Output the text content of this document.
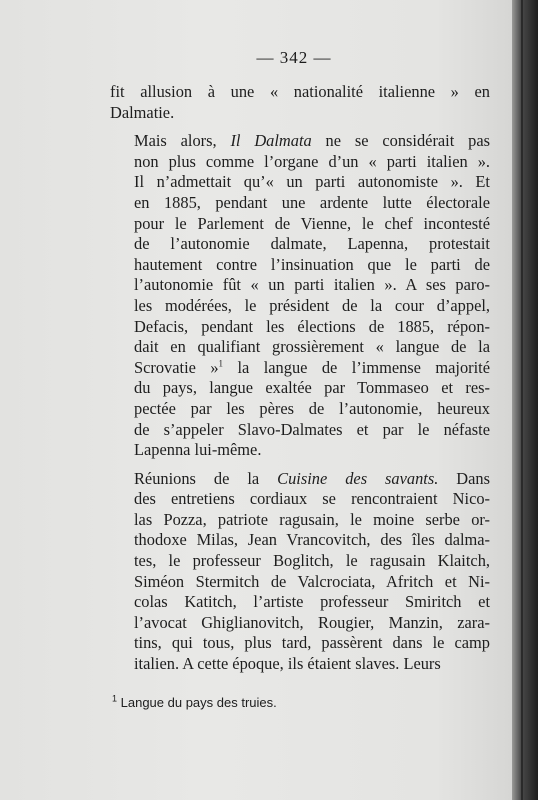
— 342 —

fit allusion à une « nationalité italienne » en
Dalmatie.

Mais alors, Il Dalmata ne se considérait pas
non plus comme l’organe d’un « parti italien ».
Il n’admettait qu’« un parti autonomiste ». Et
en 1885, pendant une ardente lutte électorale
pour le Parlement de Vienne, le chef incontesté
de l’autonomie dalmate, Lapenna, protestait
hautement contre l’insinuation que le parti de
l’autonomie fût « un parti italien ». A ses paro-
les modérées, le président de la cour d’appel,
Defacis, pendant les élections de 1885, répon-
dait en qualifiant grossièrement « langue de la
Scrovatie »$^1$ la langue de l’immense majorité
du pays, langue exaltée par Tommaseo et res-
pectée par les pères de l’autonomie, heureux
de s’appeler Slavo-Dalmates et par le néfaste
Lapenna lui-même.

Réunions de la Cuisine des savants. Dans
des entretiens cordiaux se rencontraient Nico-
las Pozza, patriote ragusain, le moine serbe or-
thodoxe Milas, Jean Vrancovitch, des îles dalma-
tes, le professeur Boglitch, le ragusain Klaitch,
Siméon Stermitch de Valcrociata, Afritch et Ni-
colas Katitch, l’artiste professeur Smiritch et
l’avocat Ghiglianovitch, Rougier, Manzin, zara-
tins, qui tous, plus tard, passèrent dans le camp
italien. A cette époque, ils étaient slaves. Leurs

$^1$ Langue du pays des truies.
